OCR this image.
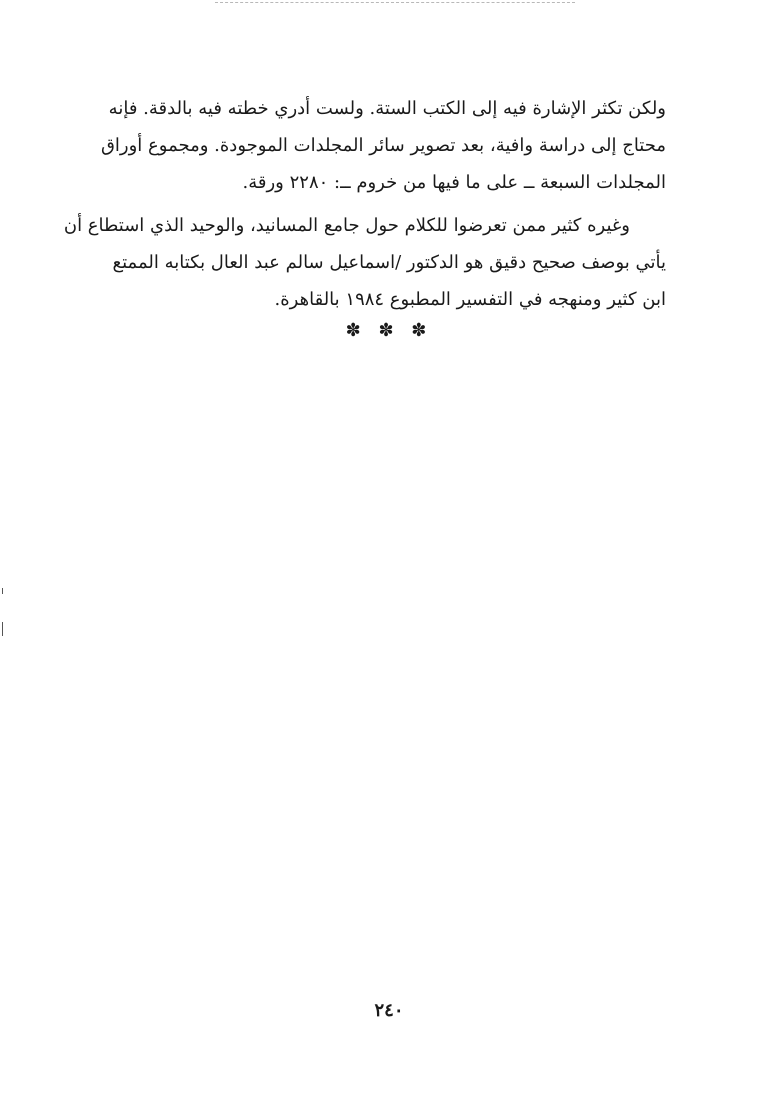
ولكن تكثر الإشارة فيه إلى الكتب الستة. ولست أدري خطته فيه بالدقة. فإنه

محتاج إلى دراسة وافية، بعد تصوير سائر المجلدات الموجودة. ومجموع أوراق

المجلدات السبعة ــ على ما فيها من خروم ــ: ٢٢٨٠ ورقة.

وغيره كثير ممن تعرضوا للكلام حول جامع المسانيد، والوحيد الذي استطاع أن

يأتي بوصف صحيح دقيق هو الدكتور /اسماعيل سالم عبد العال بكتابه الممتع

ابن كثير ومنهجه في التفسير المطبوع ١٩٨٤ بالقاهرة.

✽ ✽ ✽
٢٤٠
